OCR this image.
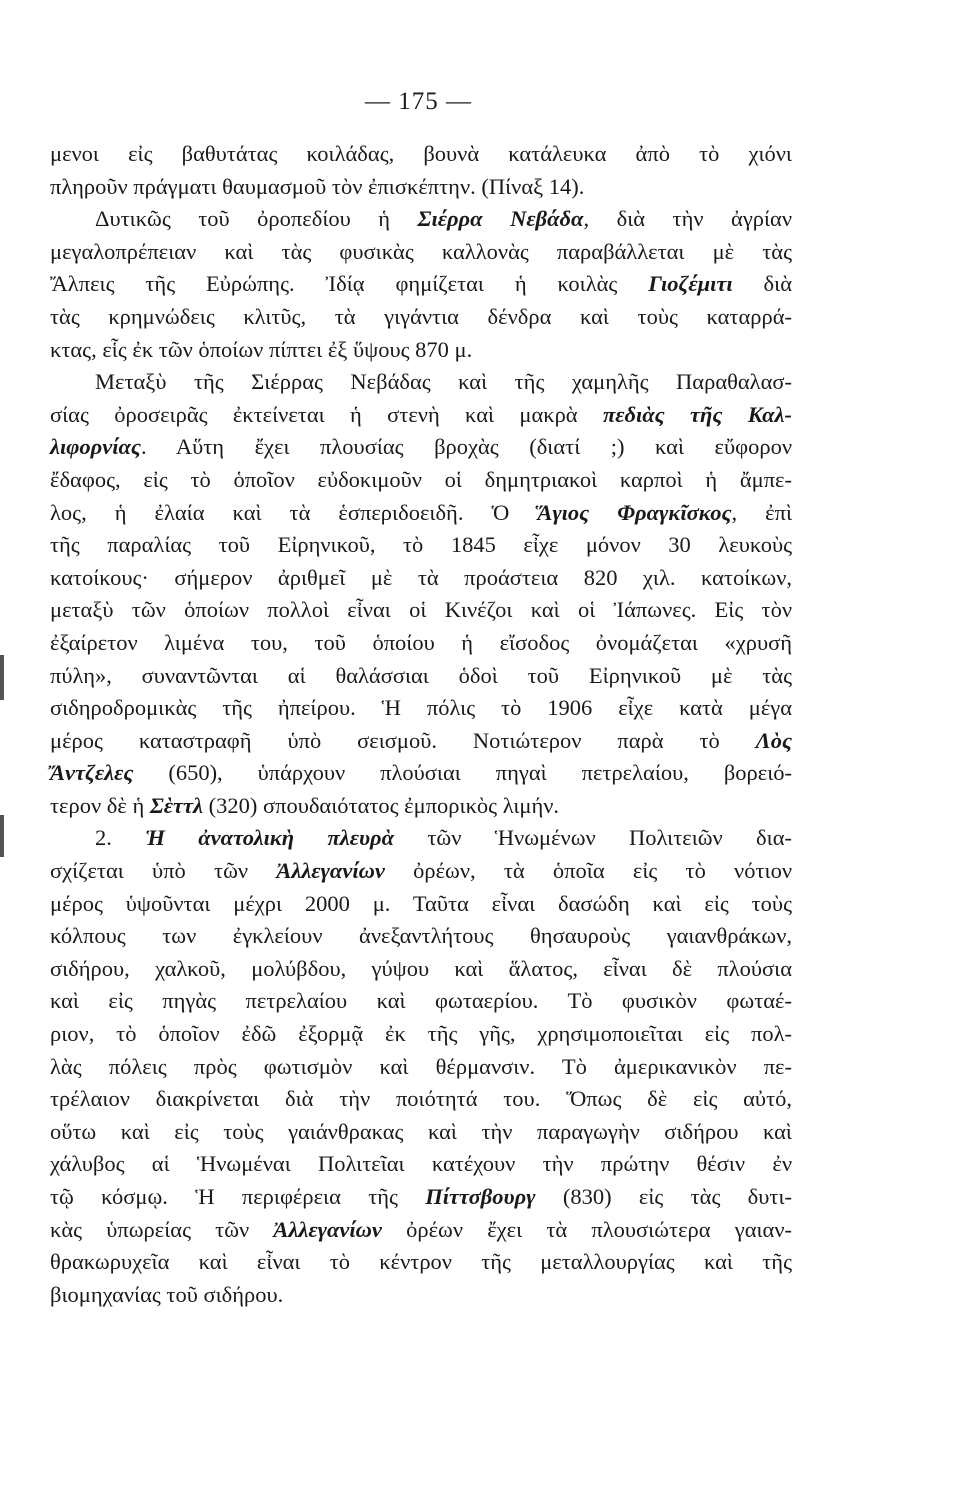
— 175 —
μενοι εἰς βαθυτάτας κοιλάδας, βουνὰ κατάλευκα ἀπὸ τὸ χιόνι
πληροῦν πράγματι θαυμασμοῦ τὸν ἐπισκέπτην. (Πίναξ 14).
Δυτικῶς τοῦ ὀροπεδίου ἡ Σιέρρα Νεβάδα, διὰ τὴν ἀγρίαν
μεγαλοπρέπειαν καὶ τὰς φυσικὰς καλλονὰς παραβάλλεται μὲ τὰς
Ἄλπεις τῆς Εὐρώπης. Ἰδίᾳ φημίζεται ἡ κοιλὰς Γιοζέμιτι διὰ
τὰς κρημνώδεις κλιτῦς, τὰ γιγάντια δένδρα καὶ τοὺς καταρρά-
κτας, εἷς ἐκ τῶν ὁποίων πίπτει ἐξ ὕψους 870 μ.
Μεταξὺ τῆς Σιέρρας Νεβάδας καὶ τῆς χαμηλῆς Παραθαλασ-
σίας ὀροσειρᾶς ἐκτείνεται ἡ στενὴ καὶ μακρὰ πεδιὰς τῆς Καλ-
λιφορνίας. Αὕτη ἔχει πλουσίας βροχὰς (διατί ;) καὶ εὔφορον
ἔδαφος, εἰς τὸ ὁποῖον εὐδοκιμοῦν οἱ δημητριακοὶ καρποὶ ἡ ἄμπε-
λος, ἡ ἐλαία καὶ τὰ ἑσπεριδοειδῆ. Ὁ Ἅγιος Φραγκῖσκος, ἐπὶ
τῆς παραλίας τοῦ Εἰρηνικοῦ, τὸ 1845 εἶχε μόνον 30 λευκοὺς
κατοίκους· σήμερον ἀριθμεῖ μὲ τὰ προάστεια 820 χιλ. κατοίκων,
μεταξὺ τῶν ὁποίων πολλοὶ εἶναι οἱ Κινέζοι καὶ οἱ Ἰάπωνες. Εἰς τὸν
ἐξαίρετον λιμένα του, τοῦ ὁποίου ἡ εἴσοδος ὀνομάζεται «χρυσῆ
πύλη», συναντῶνται αἱ θαλάσσιαι ὁδοὶ τοῦ Εἰρηνικοῦ μὲ τὰς
σιδηροδρομικὰς τῆς ἠπείρου. Ἡ πόλις τὸ 1906 εἶχε κατὰ μέγα
μέρος καταστραφῆ ὑπὸ σεισμοῦ. Νοτιώτερον παρὰ τὸ Λὸς
Ἄντζελες (650), ὑπάρχουν πλούσιαι πηγαὶ πετρελαίου, βορειό-
τερον δὲ ἡ Σὲττλ (320) σπουδαιότατος ἐμπορικὸς λιμήν.
2. Ἡ ἀνατολικὴ πλευρὰ τῶν Ἡνωμένων Πολιτειῶν δια-
σχίζεται ὑπὸ τῶν Ἀλλεγανίων ὀρέων, τὰ ὁποῖα εἰς τὸ νότιον
μέρος ὑψοῦνται μέχρι 2000 μ. Ταῦτα εἶναι δασώδη καὶ εἰς τοὺς
κόλπους των ἐγκλείουν ἀνεξαντλήτους θησαυροὺς γαιανθράκων,
σιδήρου, χαλκοῦ, μολύβδου, γύψου καὶ ἅλατος, εἶναι δὲ πλούσια
καὶ εἰς πηγὰς πετρελαίου καὶ φωταερίου. Τὸ φυσικὸν φωταέ-
ριον, τὸ ὁποῖον ἐδῶ ἐξορμᾷ ἐκ τῆς γῆς, χρησιμοποιεῖται εἰς πολ-
λὰς πόλεις πρὸς φωτισμὸν καὶ θέρμανσιν. Τὸ ἀμερικανικὸν πε-
τρέλαιον διακρίνεται διὰ τὴν ποιότητά του. Ὅπως δὲ εἰς αὐτό,
οὕτω καὶ εἰς τοὺς γαιάνθρακας καὶ τὴν παραγωγὴν σιδήρου καὶ
χάλυβος αἱ Ἡνωμέναι Πολιτεῖαι κατέχουν τὴν πρώτην θέσιν ἐν
τῷ κόσμῳ. Ἡ περιφέρεια τῆς Πίττσβουργ (830) εἰς τὰς δυτι-
κὰς ὑπωρείας τῶν Ἀλλεγανίων ὀρέων ἔχει τὰ πλουσιώτερα γαιαν-
θρακωρυχεῖα καὶ εἶναι τὸ κέντρον τῆς μεταλλουργίας καὶ τῆς
βιομηχανίας τοῦ σιδήρου.
